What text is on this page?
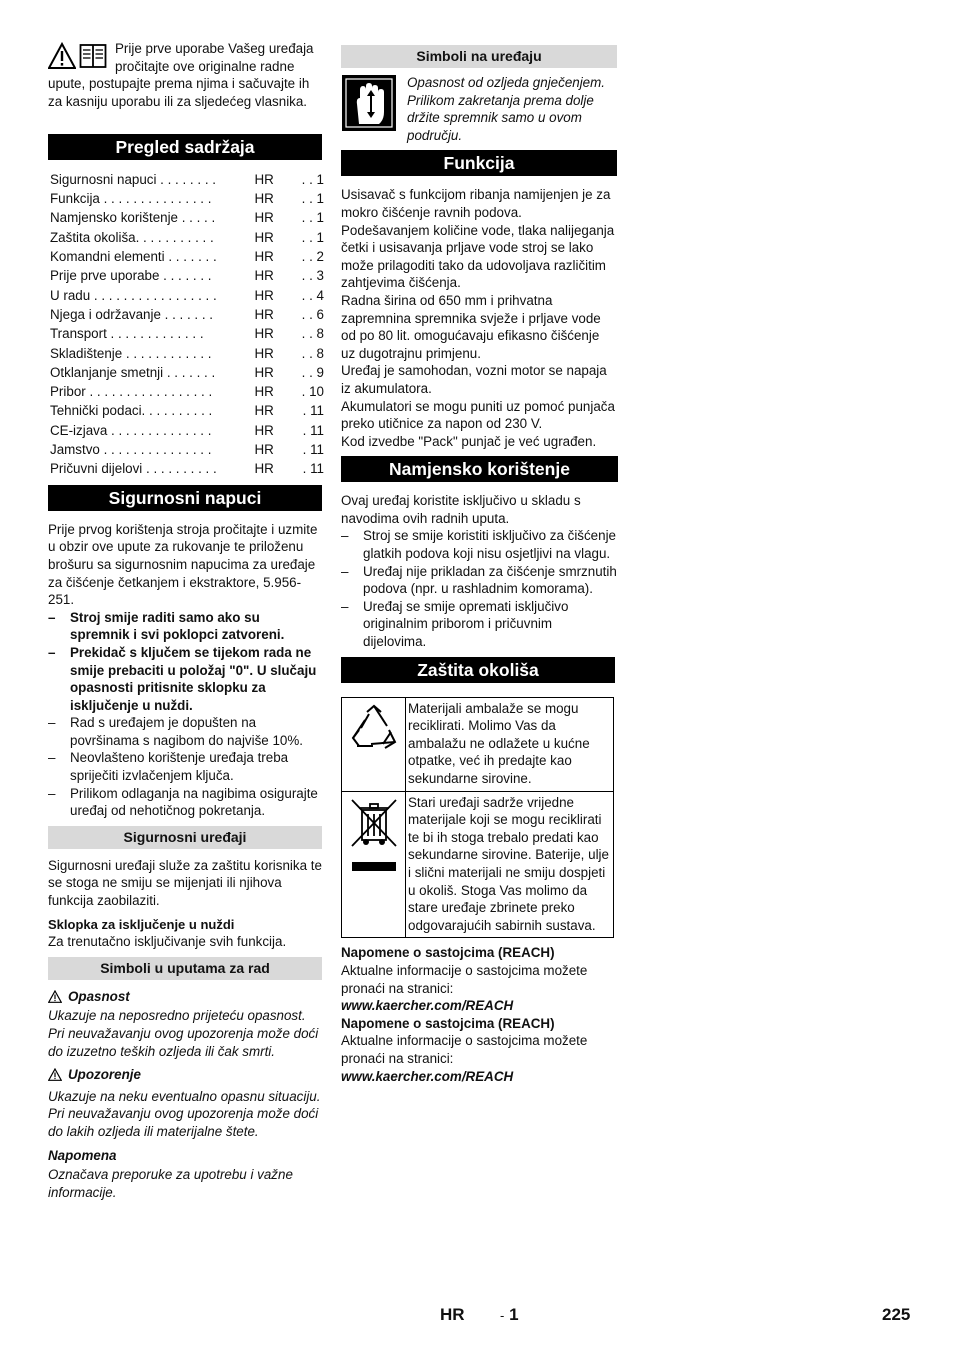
Prije prve uporabe Vašeg uređaja pročitajte ove originalne radne upute, postupajte prema njima i sačuvajte ih za kasniju uporabu ili za sljedećeg vlasnika.

Pregled sadržaja
Sigurnosni napuci . . . . . . . .	HR	. . 1
Funkcija . . . . . . . . . . . . . . .	HR	. . 1
Namjensko korištenje . . . . .	HR	. . 1
Zaštita okoliša. . . . . . . . . . .	HR	. . 1
Komandni elementi . . . . . . .	HR	. . 2
Prije prve uporabe . . . . . . .	HR	. . 3
U radu . . . . . . . . . . . . . . . . .	HR	. . 4
Njega i održavanje . . . . . . .	HR	. . 6
Transport . . . . . . . . . . . . .	HR	. . 8
Skladištenje . . . . . . . . . . . .	HR	. . 8
Otklanjanje smetnji . . . . . . .	HR	. . 9
Pribor . . . . . . . . . . . . . . . . .	HR	. 10
Tehnički podaci. . . . . . . . . .	HR	. 11
CE-izjava . . . . . . . . . . . . . .	HR	. 11
Jamstvo . . . . . . . . . . . . . . .	HR	. 11
Pričuvni dijelovi . . . . . . . . . .	HR	. 11
Sigurnosni napuci

Prije prvog korištenja stroja pročitajte i uzmite u obzir ove upute za rukovanje te priloženu brošuru sa sigurnosnim napucima za uređaje za čišćenje četkanjem i ekstraktore, 5.956-251.

– Stroj smije raditi samo ako su spremnik i svi poklopci zatvoreni.
– Prekidač s ključem se tijekom rada ne smije prebaciti u položaj "0". U slučaju opasnosti pritisnite sklopku za isključenje u nuždi.
– Rad s uređajem je dopušten na površinama s nagibom do najviše 10%.
– Neovlašteno korištenje uređaja treba spriječiti izvlačenjem ključa.
– Prilikom odlaganja na nagibima osigurajte uređaj od nehotičnog pokretanja.
Sigurnosni uređaji

Sigurnosni uređaji služe za zaštitu korisnika te se stoga ne smiju se mijenjati ili njihova funkcija zaobilaziti.

Sklopka za isključenje u nuždi

Za trenutačno isključivanje svih funkcija.

Simboli u uputama za rad
Opasnost

Ukazuje na neposredno prijeteću opasnost. Pri neuvažavanju ovog upozorenja može doći do izuzetno teških ozljeda ili čak smrti.

Upozorenje

Ukazuje na neku eventualno opasnu situaciju. Pri neuvažavanju ovog upozorenja može doći do lakih ozljeda ili materijalne štete.

Napomena

Označava preporuke za upotrebu i važne informacije.

Simboli na uređaju

Opasnost od ozljeda gnječenjem. Prilikom zakretanja prema dolje držite spremnik samo u ovom području.

Funkcija

Usisavač s funkcijom ribanja namijenjen je za mokro čišćenje ravnih podova.

Podešavanjem količine vode, tlaka nalijeganja četki i usisavanja prljave vode stroj se lako može prilagoditi tako da udovoljava različitim zahtjevima čišćenja.

Radna širina od 650 mm i prihvatna zapremnina spremnika svježe i prljave vode od po 80 lit. omogućavaju efikasno čišćenje uz dugotrajnu primjenu.

Uređaj je samohodan, vozni motor se napaja iz akumulatora.

Akumulatori se mogu puniti uz pomoć punjača preko utičnice za napon od 230 V.

Kod izvedbe "Pack" punjač je već ugrađen.

Namjensko korištenje

Ovaj uređaj koristite isključivo u skladu s navodima ovih radnih uputa.

– Stroj se smije koristiti isključivo za čišćenje glatkih podova koji nisu osjetljivi na vlagu.
– Uređaj nije prikladan za čišćenje smrznutih podova (npr. u rashladnim komorama).
– Uređaj se smije opremati isključivo originalnim priborom i pričuvnim dijelovima.
Zaštita okoliša
	Materijali ambalaže se mogu reciklirati. Molimo Vas da ambalažu ne odlažete u kućne otpatke, već ih predajte kao sekundarne sirovine.
	Stari uređaji sadrže vrijedne materijale koji se mogu reciklirati te bi ih stoga trebalo predati kao sekundarne sirovine. Baterije, ulje i slični materijali ne smiju dospjeti u okoliš. Stoga Vas molimo da stare uređaje zbrinete preko odgovarajućih sabirnih sustava.

Napomene o sastojcima (REACH)

Aktualne informacije o sastojcima možete pronaći na stranici:

www.kaercher.com/REACH

Napomene o sastojcima (REACH)

Aktualne informacije o sastojcima možete pronaći na stranici:

www.kaercher.com/REACH

HR	- 1	225
